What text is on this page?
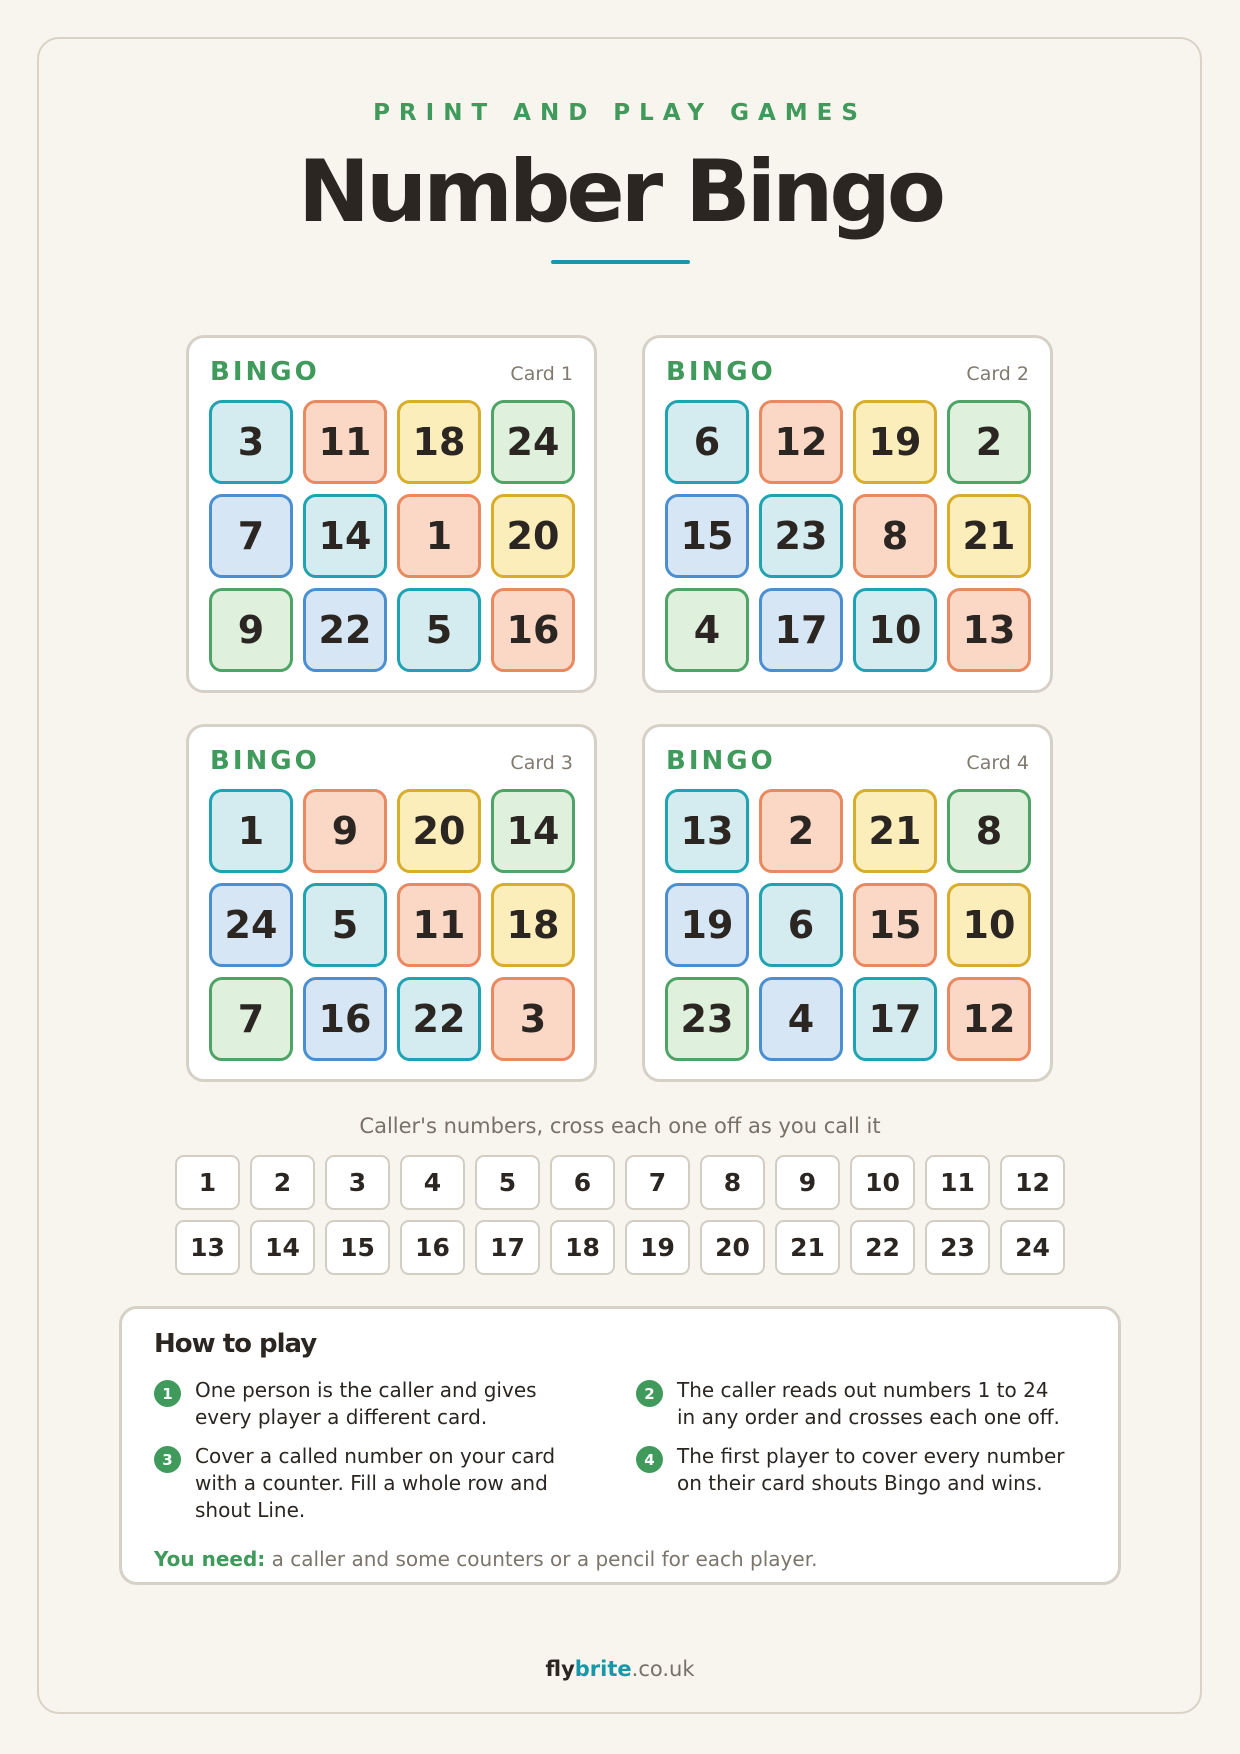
PRINT AND PLAY GAMES
Number Bingo
BINGO	Card 1
3	11	18	24
7	14	1	20
9	22	5	16
BINGO	Card 2
6	12	19	2
15	23	8	21
4	17	10	13
BINGO	Card 3
1	9	20	14
24	5	11	18
7	16	22	3
BINGO	Card 4
13	2	21	8
19	6	15	10
23	4	17	12
Caller's numbers, cross each one off as you call it
1	2	3	4	5	6	7	8	9	10	11	12
13	14	15	16	17	18	19	20	21	22	23	24
How to play
1	One person is the caller and gives every player a different card.
2	The caller reads out numbers 1 to 24 in any order and crosses each one off.
3	Cover a called number on your card with a counter. Fill a whole row and shout Line.
4	The first player to cover every number on their card shouts Bingo and wins.
You need: a caller and some counters or a pencil for each player.
flybrite.co.uk
